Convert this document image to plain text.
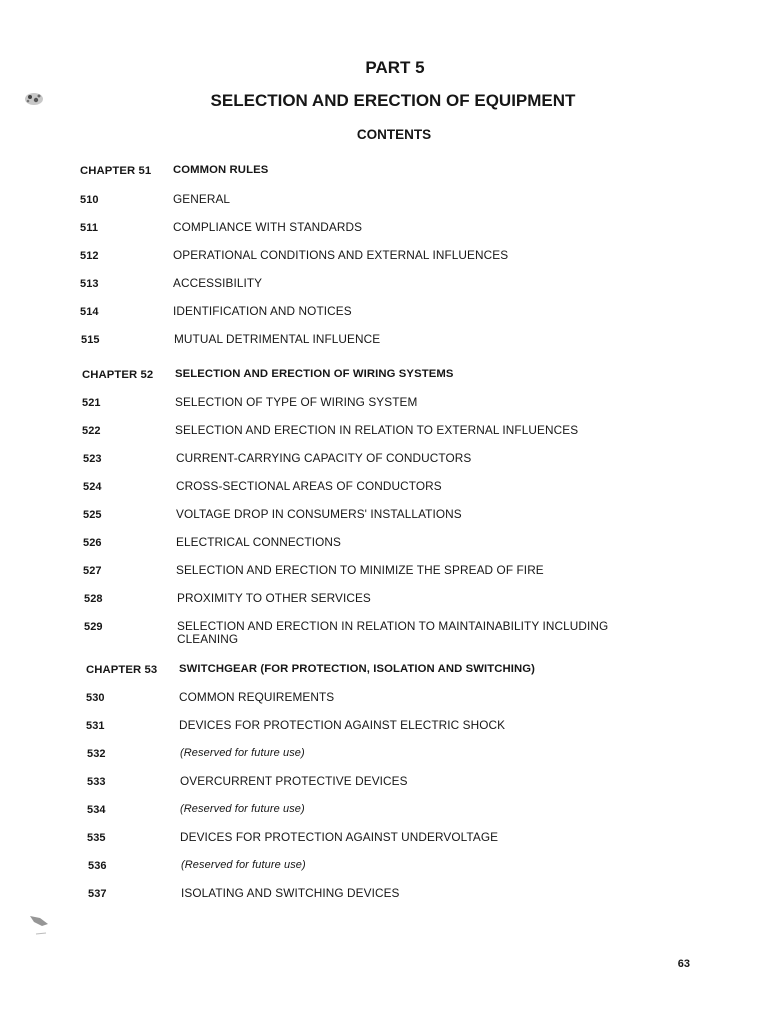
PART 5
SELECTION AND ERECTION OF EQUIPMENT
CONTENTS
CHAPTER 51	COMMON RULES
510	GENERAL
511	COMPLIANCE WITH STANDARDS
512	OPERATIONAL CONDITIONS AND EXTERNAL INFLUENCES
513	ACCESSIBILITY
514	IDENTIFICATION AND NOTICES
515	MUTUAL DETRIMENTAL INFLUENCE
CHAPTER 52	SELECTION AND ERECTION OF WIRING SYSTEMS
521	SELECTION OF TYPE OF WIRING SYSTEM
522	SELECTION AND ERECTION IN RELATION TO EXTERNAL INFLUENCES
523	CURRENT-CARRYING CAPACITY OF CONDUCTORS
524	CROSS-SECTIONAL AREAS OF CONDUCTORS
525	VOLTAGE DROP IN CONSUMERS' INSTALLATIONS
526	ELECTRICAL CONNECTIONS
527	SELECTION AND ERECTION TO MINIMIZE THE SPREAD OF FIRE
528	PROXIMITY TO OTHER SERVICES
529	SELECTION AND ERECTION IN RELATION TO MAINTAINABILITY INCLUDING CLEANING
CHAPTER 53	SWITCHGEAR (FOR PROTECTION, ISOLATION AND SWITCHING)
530	COMMON REQUIREMENTS
531	DEVICES FOR PROTECTION AGAINST ELECTRIC SHOCK
532	(Reserved for future use)
533	OVERCURRENT PROTECTIVE DEVICES
534	(Reserved for future use)
535	DEVICES FOR PROTECTION AGAINST UNDERVOLTAGE
536	(Reserved for future use)
537	ISOLATING AND SWITCHING DEVICES
63
